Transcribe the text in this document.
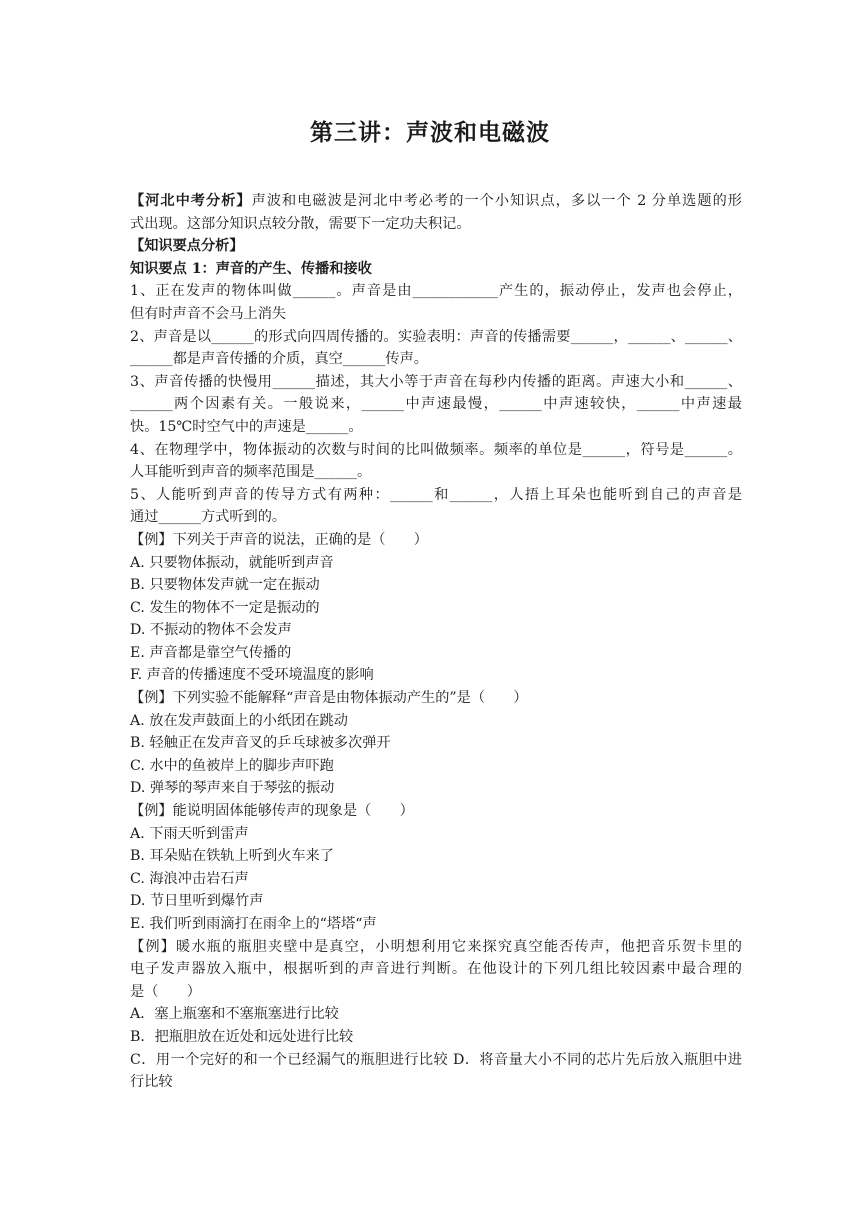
第三讲：声波和电磁波

【河北中考分析】声波和电磁波是河北中考必考的一个小知识点，多以一个 2 分单选题的形

式出现。这部分知识点较分散，需要下一定功夫积记。

【知识要点分析】

知识要点 1：声音的产生、传播和接收

1、正在发声的物体叫做______。声音是由____________产生的，振动停止，发声也会停止，

但有时声音不会马上消失

2、声音是以______的形式向四周传播的。实验表明：声音的传播需要______，______、______、

______都是声音传播的介质，真空______传声。

3、声音传播的快慢用______描述，其大小等于声音在每秒内传播的距离。声速大小和______、

______两个因素有关。一般说来，______中声速最慢，______中声速较快，______中声速最

快。15℃时空气中的声速是______。

4、在物理学中，物体振动的次数与时间的比叫做频率。频率的单位是______，符号是______。

人耳能听到声音的频率范围是______。

5、人能听到声音的传导方式有两种：______和______，人捂上耳朵也能听到自己的声音是

通过______方式听到的。

【例】下列关于声音的说法，正确的是（　　）

A. 只要物体振动，就能听到声音

B. 只要物体发声就一定在振动

C. 发生的物体不一定是振动的

D. 不振动的物体不会发声

E. 声音都是靠空气传播的

F. 声音的传播速度不受环境温度的影响

【例】下列实验不能解释“声音是由物体振动产生的”是（　　）

A. 放在发声鼓面上的小纸团在跳动

B. 轻触正在发声音叉的乒乓球被多次弹开

C. 水中的鱼被岸上的脚步声吓跑

D. 弹琴的琴声来自于琴弦的振动

【例】能说明固体能够传声的现象是（　　）

A. 下雨天听到雷声

B. 耳朵贴在铁轨上听到火车来了

C. 海浪冲击岩石声

D. 节日里听到爆竹声

E. 我们听到雨滴打在雨伞上的“塔塔“声

【例】暖水瓶的瓶胆夹壁中是真空，小明想利用它来探究真空能否传声，他把音乐贺卡里的

电子发声器放入瓶中，根据听到的声音进行判断。在他设计的下列几组比较因素中最合理的

是（　　）

A．塞上瓶塞和不塞瓶塞进行比较

B．把瓶胆放在近处和远处进行比较

C．用一个完好的和一个已经漏气的瓶胆进行比较 D．将音量大小不同的芯片先后放入瓶胆中进

行比较
